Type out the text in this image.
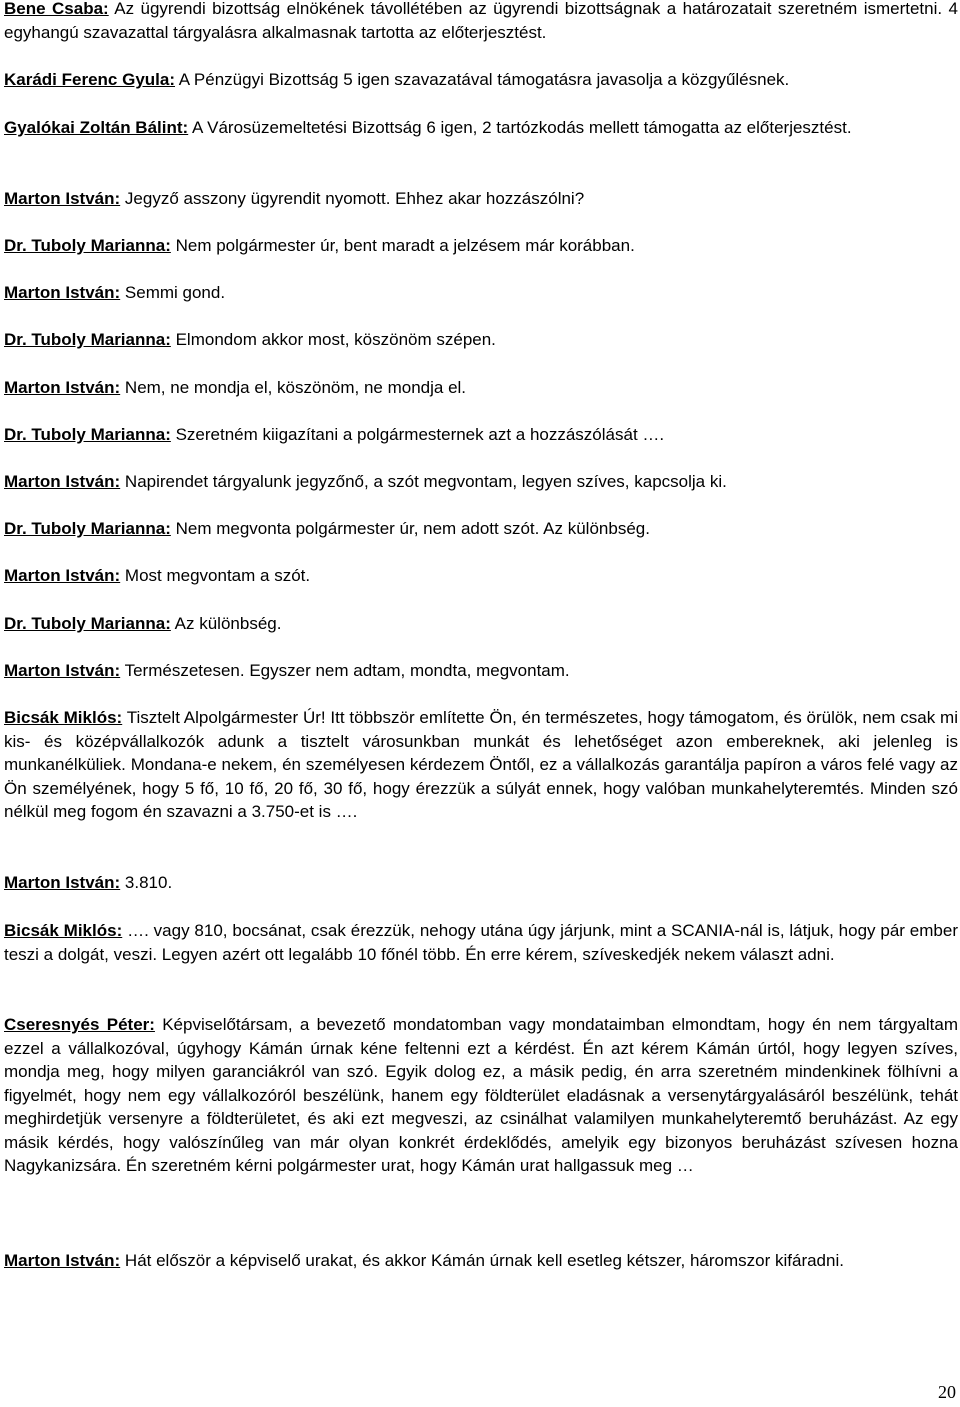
Bene Csaba: Az ügyrendi bizottság elnökének távollétében az ügyrendi bizottságnak a határozatait szeretném ismertetni. 4 egyhangú szavazattal tárgyalásra alkalmasnak tartotta az előterjesztést.

Karádi Ferenc Gyula: A Pénzügyi Bizottság 5 igen szavazatával támogatásra javasolja a közgyűlésnek.

Gyalókai Zoltán Bálint: A Városüzemeltetési Bizottság 6 igen, 2 tartózkodás mellett támogatta az előterjesztést.

Marton István: Jegyző asszony ügyrendit nyomott. Ehhez akar hozzászólni?

Dr. Tuboly Marianna: Nem polgármester úr, bent maradt a jelzésem már korábban.

Marton István: Semmi gond.

Dr. Tuboly Marianna: Elmondom akkor most, köszönöm szépen.

Marton István: Nem, ne mondja el, köszönöm, ne mondja el.

Dr. Tuboly Marianna: Szeretném kiigazítani a polgármesternek azt a hozzászólását ….

Marton István: Napirendet tárgyalunk jegyzőnő, a szót megvontam, legyen szíves, kapcsolja ki.

Dr. Tuboly Marianna: Nem megvonta polgármester úr, nem adott szót. Az különbség.

Marton István: Most megvontam a szót.

Dr. Tuboly Marianna: Az különbség.

Marton István: Természetesen. Egyszer nem adtam, mondta, megvontam.

Bicsák Miklós: Tisztelt Alpolgármester Úr! Itt többször említette Ön, én természetes, hogy támogatom, és örülök, nem csak mi kis- és középvállalkozók adunk a tisztelt városunkban munkát és lehetőséget azon embereknek, aki jelenleg is munkanélküliek. Mondana-e nekem, én személyesen kérdezem Öntől, ez a vállalkozás garantálja papíron a város felé vagy az Ön személyének, hogy 5 fő, 10 fő, 20 fő, 30 fő, hogy érezzük a súlyát ennek, hogy valóban munkahelyteremtés. Minden szó nélkül meg fogom én szavazni a 3.750-et is ….

Marton István: 3.810.

Bicsák Miklós: …. vagy 810, bocsánat, csak érezzük, nehogy utána úgy járjunk, mint a SCANIA-nál is, látjuk, hogy pár ember teszi a dolgát, veszi. Legyen azért ott legalább 10 főnél több. Én erre kérem, szíveskedjék nekem választ adni.

Cseresnyés Péter: Képviselőtársam, a bevezető mondatomban vagy mondataimban elmondtam, hogy én nem tárgyaltam ezzel a vállalkozóval, úgyhogy Kámán úrnak kéne feltenni ezt a kérdést. Én azt kérem Kámán úrtól, hogy legyen szíves, mondja meg, hogy milyen garanciákról van szó. Egyik dolog ez, a másik pedig, én arra szeretném mindenkinek fölhívni a figyelmét, hogy nem egy vállalkozóról beszélünk, hanem egy földterület eladásnak a versenytárgyalásáról beszélünk, tehát meghirdetjük versenyre a földterületet, és aki ezt megveszi, az csinálhat valamilyen munkahelyteremtő beruházást. Az egy másik kérdés, hogy valószínűleg van már olyan konkrét érdeklődés, amelyik egy bizonyos beruházást szívesen hozna Nagykanizsára. Én szeretném kérni polgármester urat, hogy Kámán urat hallgassuk meg …

Marton István: Hát először a képviselő urakat, és akkor Kámán úrnak kell esetleg kétszer, háromszor kifáradni.

20
